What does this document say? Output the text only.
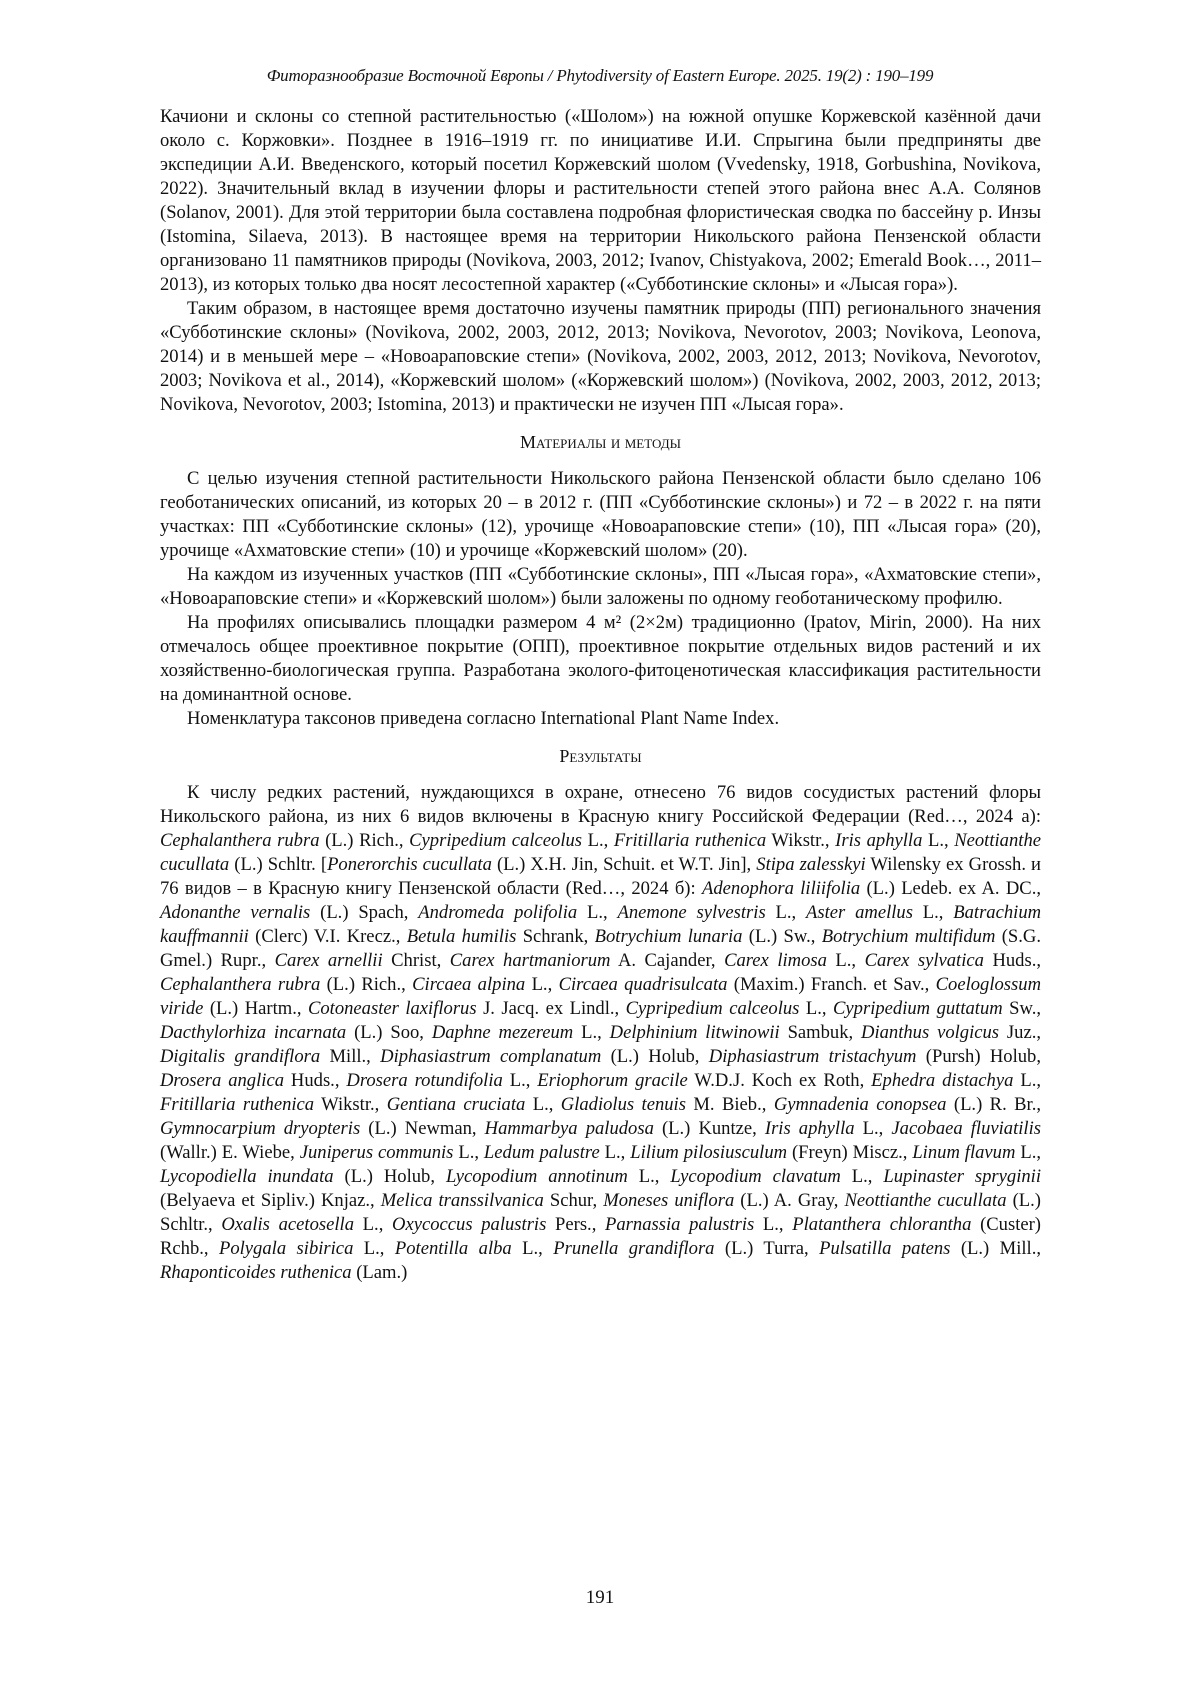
Фиторазнообразие Восточной Европы / Phytodiversity of Eastern Europe. 2025. 19(2) : 190–199

Качиони и склоны со степной растительностью («Шолом») на южной опушке Коржевской казённой дачи около с. Коржовки». Позднее в 1916–1919 гг. по инициативе И.И. Спрыгина были предприняты две экспедиции А.И. Введенского, который посетил Коржевский шолом (Vvedensky, 1918, Gorbushina, Novikova, 2022). Значительный вклад в изучении флоры и растительности степей этого района внес А.А. Солянов (Solanov, 2001). Для этой территории была составлена подробная флористическая сводка по бассейну р. Инзы (Istomina, Silaeva, 2013). В настоящее время на территории Никольского района Пензенской области организовано 11 памятников природы (Novikova, 2003, 2012; Ivanov, Chistyakova, 2002; Emerald Book…, 2011–2013), из которых только два носят лесостепной характер («Субботинские склоны» и «Лысая гора»).

Таким образом, в настоящее время достаточно изучены памятник природы (ПП) регионального значения «Субботинские склоны» (Novikova, 2002, 2003, 2012, 2013; Novikova, Nevorotov, 2003; Novikova, Leonova, 2014) и в меньшей мере – «Новоараповские степи» (Novikova, 2002, 2003, 2012, 2013; Novikova, Nevorotov, 2003; Novikova et al., 2014), «Коржевский шолом» («Коржевский шолом») (Novikova, 2002, 2003, 2012, 2013; Novikova, Nevorotov, 2003; Istomina, 2013) и практически не изучен ПП «Лысая гора».

Материалы и методы

С целью изучения степной растительности Никольского района Пензенской области было сделано 106 геоботанических описаний, из которых 20 – в 2012 г. (ПП «Субботинские склоны») и 72 – в 2022 г. на пяти участках: ПП «Субботинские склоны» (12), урочище «Новоараповские степи» (10), ПП «Лысая гора» (20), урочище «Ахматовские степи» (10) и урочище «Коржевский шолом» (20).

На каждом из изученных участков (ПП «Субботинские склоны», ПП «Лысая гора», «Ахматовские степи», «Новоараповские степи» и «Коржевский шолом») были заложены по одному геоботаническому профилю.

На профилях описывались площадки размером 4 м² (2×2м) традиционно (Ipatov, Mirin, 2000). На них отмечалось общее проективное покрытие (ОПП), проективное покрытие отдельных видов растений и их хозяйственно-биологическая группа. Разработана эколого-фитоценотическая классификация растительности на доминантной основе.

Номенклатура таксонов приведена согласно International Plant Name Index.

Результаты

К числу редких растений, нуждающихся в охране, отнесено 76 видов сосудистых растений флоры Никольского района, из них 6 видов включены в Красную книгу Российской Федерации (Red…, 2024 а): Cephalanthera rubra (L.) Rich., Cypripedium calceolus L., Fritillaria ruthenica Wikstr., Iris aphylla L., Neottianthe cucullata (L.) Schltr. [Ponerorchis cucullata (L.) X.H. Jin, Schuit. et W.T. Jin], Stipa zalesskyi Wilensky ex Grossh. и 76 видов – в Красную книгу Пензенской области (Red…, 2024 б): Adenophora liliifolia (L.) Ledeb. ex A. DC., Adonanthe vernalis (L.) Spach, Andromeda polifolia L., Anemone sylvestris L., Aster amellus L., Batrachium kauffmannii (Clerc) V.I. Krecz., Betula humilis Schrank, Botrychium lunaria (L.) Sw., Botrychium multifidum (S.G. Gmel.) Rupr., Carex arnellii Christ, Carex hartmaniorum A. Cajander, Carex limosa L., Carex sylvatica Huds., Cephalanthera rubra (L.) Rich., Circaea alpina L., Circaea quadrisulcata (Maxim.) Franch. et Sav., Coeloglossum viride (L.) Hartm., Cotoneaster laxiflorus J. Jacq. ex Lindl., Cypripedium calceolus L., Cypripedium guttatum Sw., Dacthylorhiza incarnata (L.) Soo, Daphne mezereum L., Delphinium litwinowii Sambuk, Dianthus volgicus Juz., Digitalis grandiflora Mill., Diphasiastrum complanatum (L.) Holub, Diphasiastrum tristachyum (Pursh) Holub, Drosera anglica Huds., Drosera rotundifolia L., Eriophorum gracile W.D.J. Koch ex Roth, Ephedra distachya L., Fritillaria ruthenica Wikstr., Gentiana cruciata L., Gladiolus tenuis M. Bieb., Gymnadenia conopsea (L.) R. Br., Gymnocarpium dryopteris (L.) Newman, Hammarbya paludosa (L.) Kuntze, Iris aphylla L., Jacobaea fluviatilis (Wallr.) E. Wiebe, Juniperus communis L., Ledum palustre L., Lilium pilosiusculum (Freyn) Miscz., Linum flavum L., Lycopodiella inundata (L.) Holub, Lycopodium annotinum L., Lycopodium clavatum L., Lupinaster spryginii (Belyaeva et Sipliv.) Knjaz., Melica transsilvanica Schur, Moneses uniflora (L.) A. Gray, Neottianthe cucullata (L.) Schltr., Oxalis acetosella L., Oxycoccus palustris Pers., Parnassia palustris L., Platanthera chlorantha (Custer) Rchb., Polygala sibirica L., Potentilla alba L., Prunella grandiflora (L.) Turra, Pulsatilla patens (L.) Mill., Rhaponticoides ruthenica (Lam.)

191
